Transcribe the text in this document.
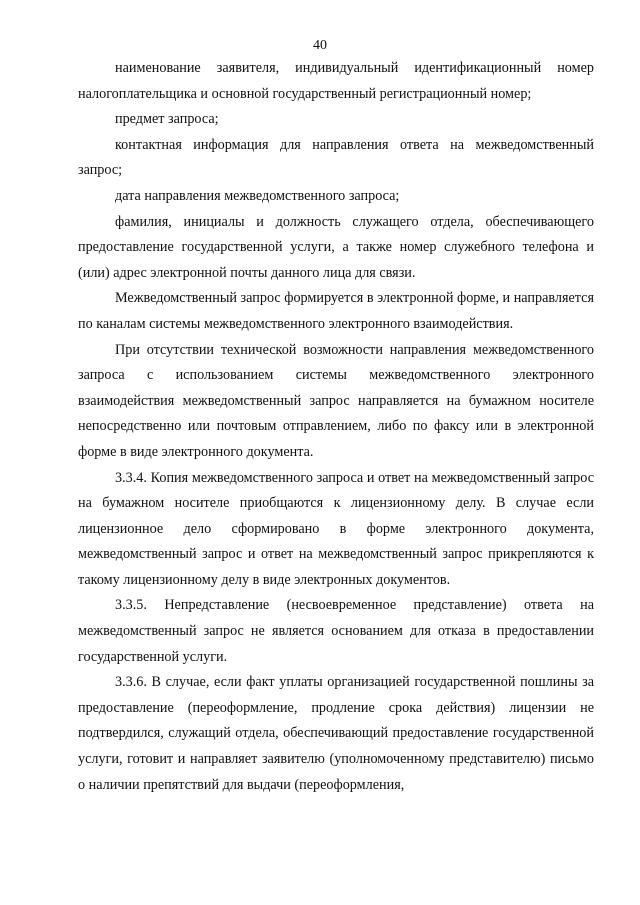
40

наименование заявителя, индивидуальный идентификационный номер налогоплательщика и основной государственный регистрационный номер;

предмет запроса;

контактная информация для направления ответа на межведомственный запрос;

дата направления межведомственного запроса;

фамилия, инициалы и должность служащего отдела, обеспечивающего предоставление государственной услуги, а также номер служебного телефона и (или) адрес электронной почты данного лица для связи.

Межведомственный запрос формируется в электронной форме, и направляется по каналам системы межведомственного электронного взаимодействия.

При отсутствии технической возможности направления межведомственного запроса с использованием системы межведомственного электронного взаимодействия межведомственный запрос направляется на бумажном носителе непосредственно или почтовым отправлением, либо по факсу или в электронной форме в виде электронного документа.

3.3.4. Копия межведомственного запроса и ответ на межведомственный запрос на бумажном носителе приобщаются к лицензионному делу. В случае если лицензионное дело сформировано в форме электронного документа, межведомственный запрос и ответ на межведомственный запрос прикрепляются к такому лицензионному делу в виде электронных документов.

3.3.5. Непредставление (несвоевременное представление) ответа на межведомственный запрос не является основанием для отказа в предоставлении государственной услуги.

3.3.6. В случае, если факт уплаты организацией государственной пошлины за предоставление (переоформление, продление срока действия) лицензии не подтвердился, служащий отдела, обеспечивающий предоставление государственной услуги, готовит и направляет заявителю (уполномоченному представителю) письмо о наличии препятствий для выдачи (переоформления,
